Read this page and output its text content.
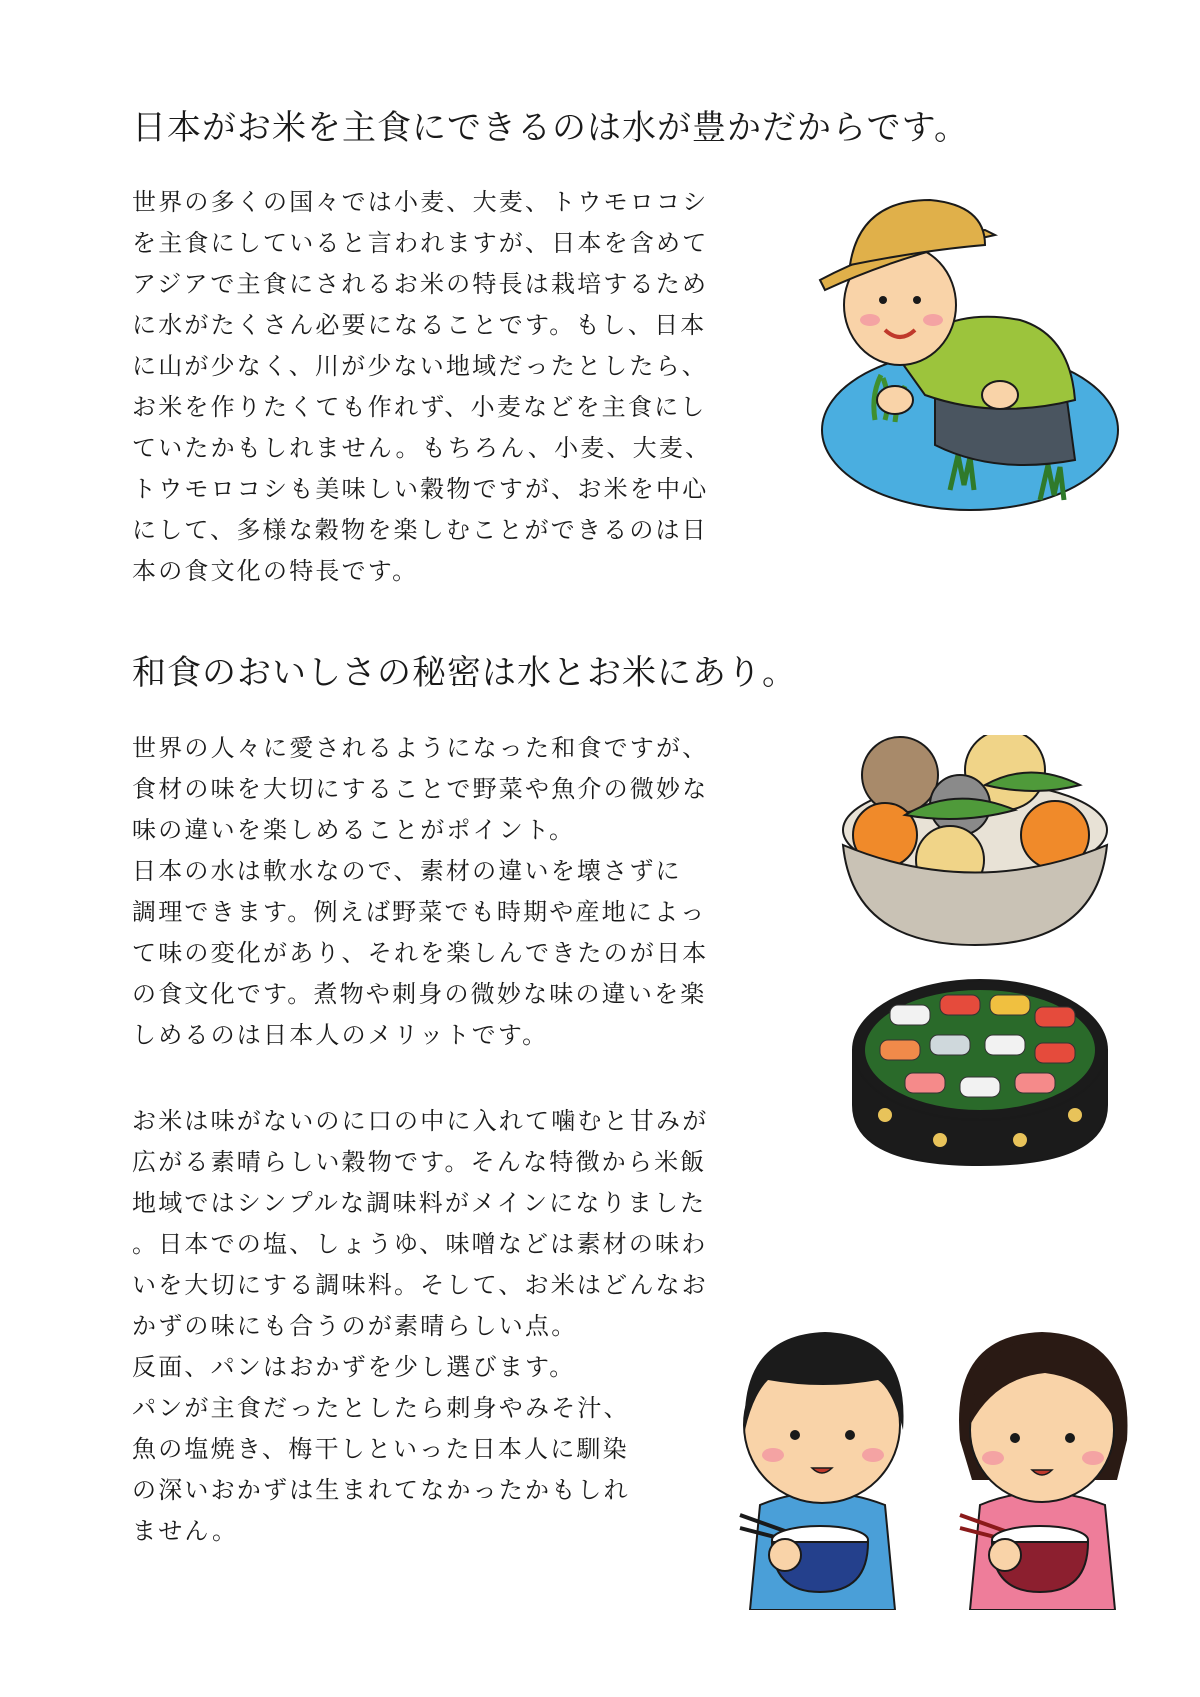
日本がお米を主食にできるのは水が豊かだからです。
世界の多くの国々では小麦、大麦、トウモロコシ
を主食にしていると言われますが、日本を含めて
アジアで主食にされるお米の特長は栽培するため
に水がたくさん必要になることです。もし、日本
に山が少なく、川が少ない地域だったとしたら、
お米を作りたくても作れず、小麦などを主食にし
ていたかもしれません。もちろん、小麦、大麦、
トウモロコシも美味しい穀物ですが、お米を中心
にして、多様な穀物を楽しむことができるのは日
本の食文化の特長です。
和食のおいしさの秘密は水とお米にあり。
世界の人々に愛されるようになった和食ですが、
食材の味を大切にすることで野菜や魚介の微妙な
味の違いを楽しめることがポイント。
日本の水は軟水なので、素材の違いを壊さずに
調理できます。例えば野菜でも時期や産地によっ
て味の変化があり、それを楽しんできたのが日本
の食文化です。煮物や刺身の微妙な味の違いを楽
しめるのは日本人のメリットです。
お米は味がないのに口の中に入れて噛むと甘みが
広がる素晴らしい穀物です。そんな特徴から米飯
地域ではシンプルな調味料がメインになりました
。日本での塩、しょうゆ、味噌などは素材の味わ
いを大切にする調味料。そして、お米はどんなお
かずの味にも合うのが素晴らしい点。
反面、パンはおかずを少し選びます。
パンが主食だったとしたら刺身やみそ汁、
魚の塩焼き、梅干しといった日本人に馴染
の深いおかずは生まれてなかったかもしれ
ません。
